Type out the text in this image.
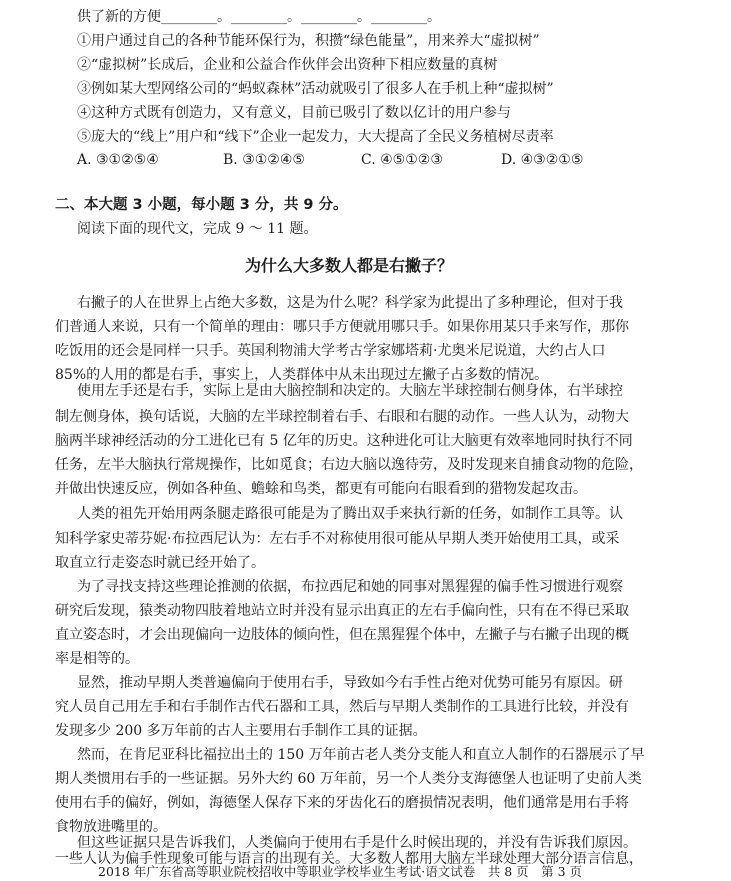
供了新的方便________。________。________。________。
①用户通过自己的各种节能环保行为，积攒“绿色能量”，用来养大“虚拟树”
②“虚拟树”长成后，企业和公益合作伙伴会出资种下相应数量的真树
③例如某大型网络公司的“蚂蚁森林”活动就吸引了很多人在手机上种“虚拟树”
④这种方式既有创造力，又有意义，目前已吸引了数以亿计的用户参与
⑤庞大的“线上”用户和“线下”企业一起发力，大大提高了全民义务植树尽责率
A. ③①②⑤④	B. ③①②④⑤	C. ④⑤①②③	D. ④③②①⑤
二、本大题 3 小题，每小题 3 分，共 9 分。
阅读下面的现代文，完成 9 ～ 11 题。
为什么大多数人都是右撇子？
右撇子的人在世界上占绝大多数，这是为什么呢？科学家为此提出了多种理论，但对于我
们普通人来说，只有一个简单的理由：哪只手方便就用哪只手。如果你用某只手来写作，那你
吃饭用的还会是同样一只手。英国利物浦大学考古学家娜塔莉·尤奥米尼说道，大约占人口
85%的人用的都是右手，事实上，人类群体中从未出现过左撇子占多数的情况。
使用左手还是右手，实际上是由大脑控制和决定的。大脑左半球控制右侧身体，右半球控
制左侧身体，换句话说，大脑的左半球控制着右手、右眼和右腿的动作。一些人认为，动物大
脑两半球神经活动的分工进化已有 5 亿年的历史。这种进化可让大脑更有效率地同时执行不同
任务，左半大脑执行常规操作，比如觅食；右边大脑以逸待劳，及时发现来自捕食动物的危险，
并做出快速反应，例如各种鱼、蟾蜍和鸟类，都更有可能向右眼看到的猎物发起攻击。
人类的祖先开始用两条腿走路很可能是为了腾出双手来执行新的任务，如制作工具等。认
知科学家史蒂芬妮·布拉西尼认为：左右手不对称使用很可能从早期人类开始使用工具，或采
取直立行走姿态时就已经开始了。
为了寻找支持这些理论推测的依据，布拉西尼和她的同事对黑猩猩的偏手性习惯进行观察
研究后发现，猿类动物四肢着地站立时并没有显示出真正的左右手偏向性，只有在不得已采取
直立姿态时，才会出现偏向一边肢体的倾向性，但在黑猩猩个体中，左撇子与右撇子出现的概
率是相等的。
显然，推动早期人类普遍偏向于使用右手，导致如今右手性占绝对优势可能另有原因。研
究人员自己用左手和右手制作古代石器和工具，然后与早期人类制作的工具进行比较，并没有
发现多少 200 多万年前的古人主要用右手制作工具的证据。
然而，在肯尼亚科比福拉出土的 150 万年前古老人类分支能人和直立人制作的石器展示了早
期人类惯用右手的一些证据。另外大约 60 万年前，另一个人类分支海德堡人也证明了史前人类
使用右手的偏好，例如，海德堡人保存下来的牙齿化石的磨损情况表明，他们通常是用右手将
食物放进嘴里的。
但这些证据只是告诉我们，人类偏向于使用右手是什么时候出现的，并没有告诉我们原因。
一些人认为偏手性现象可能与语言的出现有关。大多数人都用大脑左半球处理大部分语言信息，
2018 年广东省高等职业院校招收中等职业学校毕业生考试·语文试卷　共 8 页　第 3 页
